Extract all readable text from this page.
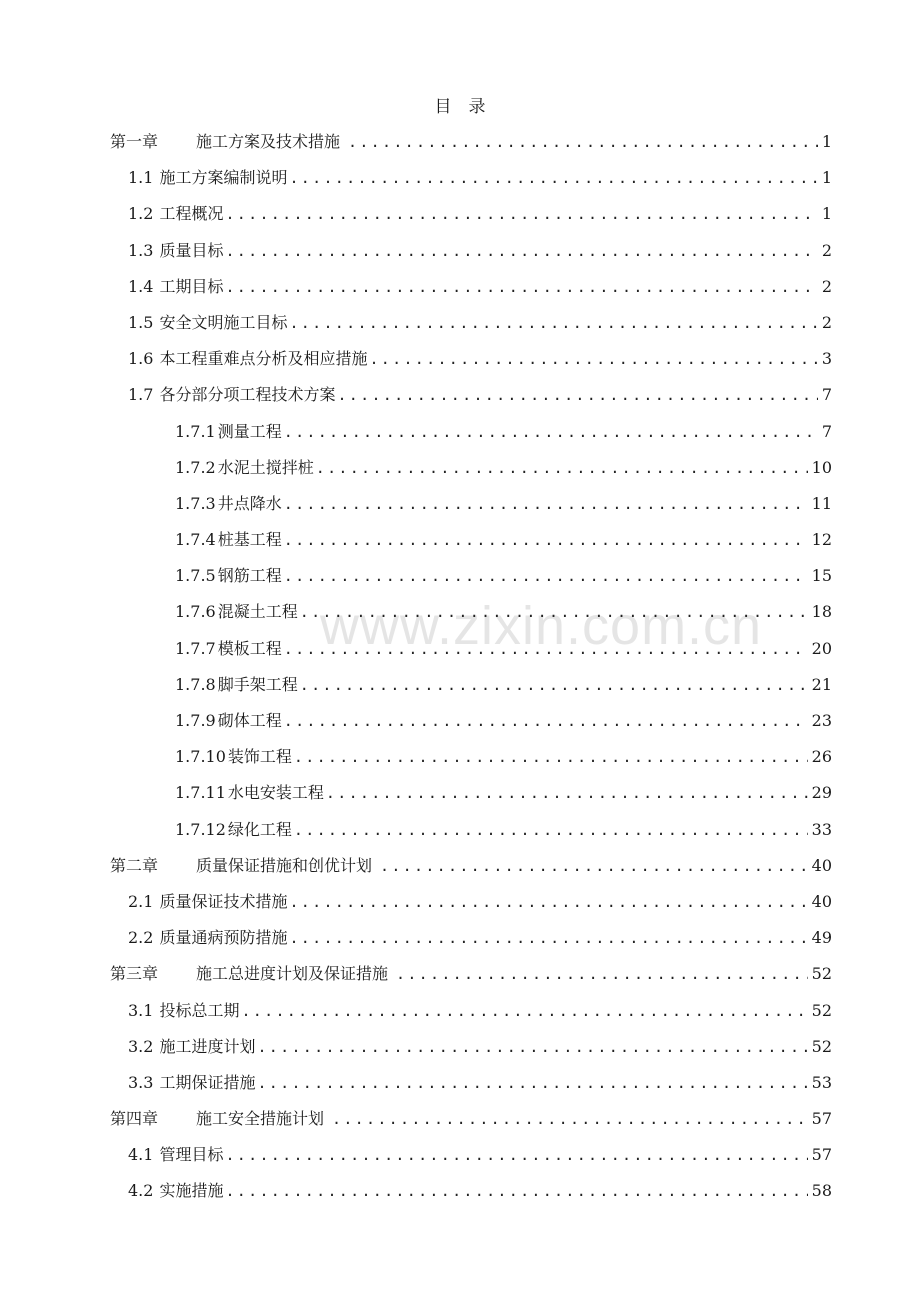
目　录
www.zixin.com.cn
第一章	施工方案及技术措施 .....	1
1.1 施工方案编制说明 .....	1
1.2 工程概况 .....	1
1.3 质量目标 .....	2
1.4 工期目标 .....	2
1.5 安全文明施工目标 .....	2
1.6 本工程重难点分析及相应措施 .....	3
1.7 各分部分项工程技术方案 .....	7
1.7.1 测量工程 .....	7
1.7.2 水泥土搅拌桩 .....	10
1.7.3 井点降水 .....	11
1.7.4 桩基工程 .....	12
1.7.5 钢筋工程 .....	15
1.7.6 混凝土工程 .....	18
1.7.7 模板工程 .....	20
1.7.8 脚手架工程 .....	21
1.7.9 砌体工程 .....	23
1.7.10 装饰工程 .....	26
1.7.11 水电安装工程 .....	29
1.7.12 绿化工程 .....	33
第二章	质量保证措施和创优计划 .....	40
2.1 质量保证技术措施 .....	40
2.2 质量通病预防措施 .....	49
第三章	施工总进度计划及保证措施 .....	52
3.1 投标总工期 .....	52
3.2 施工进度计划 .....	52
3.3 工期保证措施 .....	53
第四章	施工安全措施计划 .....	57
4.1 管理目标 .....	57
4.2 实施措施 .....	58
